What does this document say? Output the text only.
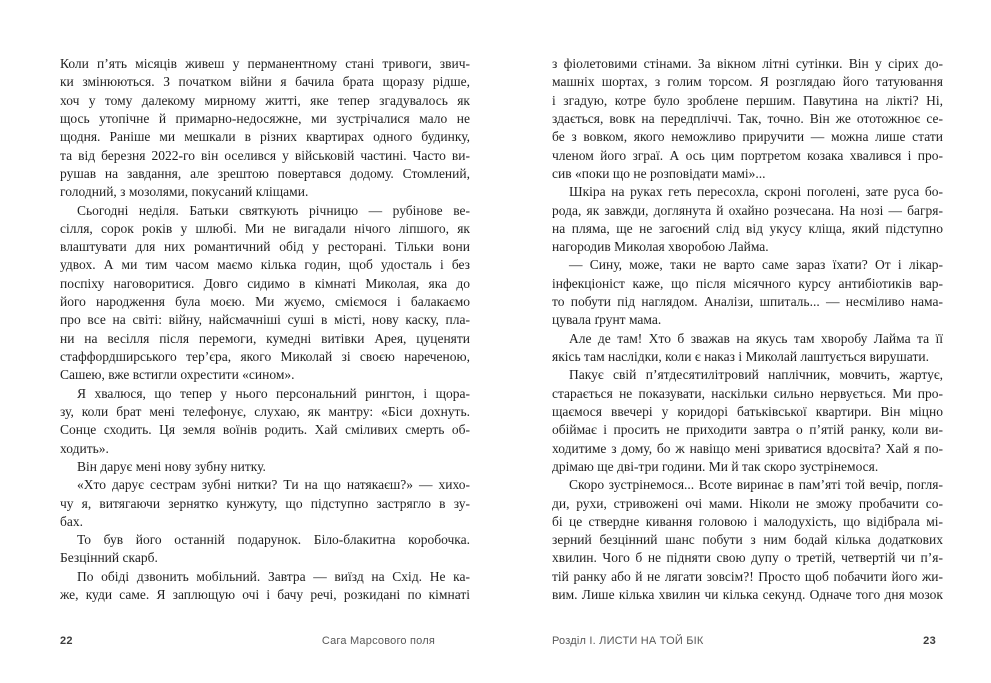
Коли п’ять місяців живеш у перманентному стані тривоги, звич-
ки змінюються. З початком війни я бачила брата щоразу рідше,
хоч у тому далекому мирному житті, яке тепер згадувалось як
щось утопічне й примарно-недосяжне, ми зустрічалися мало не
щодня. Раніше ми мешкали в різних квартирах одного будинку,
та від березня 2022-го він оселився у військовій частині. Часто ви-
рушав на завдання, але зрештою повертався додому. Стомлений,
голодний, з мозолями, покусаний кліщами.
Сьогодні неділя. Батьки святкують річницю — рубінове ве-
сілля, сорок років у шлюбі. Ми не вигадали нічого ліпшого, як
влаштувати для них романтичний обід у ресторані. Тільки вони
удвох. А ми тим часом маємо кілька годин, щоб удосталь і без
поспіху наговоритися. Довго сидимо в кімнаті Миколая, яка до
його народження була моєю. Ми жуємо, сміємося і балакаємо
про все на світі: війну, найсмачніші суші в місті, нову каску, пла-
ни на весілля після перемоги, кумедні витівки Арея, цуценяти
стаффордширського тер’єра, якого Миколай зі своєю нареченою,
Сашею, вже встигли охрестити «сином».
Я хвалюся, що тепер у нього персональний рингтон, і щора-
зу, коли брат мені телефонує, слухаю, як мантру: «Біси дохнуть.
Сонце сходить. Ця земля воїнів родить. Хай сміливих смерть об-
ходить».
Він дарує мені нову зубну нитку.
«Хто дарує сестрам зубні нитки? Ти на що натякаєш?» — хихо-
чу я, витягаючи зернятко кунжуту, що підступно застрягло в зу-
бах.
То був його останній подарунок. Біло-блакитна коробочка.
Безцінний скарб.
По обіді дзвонить мобільний. Завтра — виїзд на Схід. Не ка-
же, куди саме. Я заплющую очі і бачу речі, розкидані по кімнаті
з фіолетовими стінами. За вікном літні сутінки. Він у сірих до-
машніх шортах, з голим торсом. Я розглядаю його татуювання
і згадую, котре було зроблене першим. Павутина на лікті? Ні,
здається, вовк на передпліччі. Так, точно. Він же ототожнює се-
бе з вовком, якого неможливо приручити — можна лише стати
членом його зграї. А ось цим портретом козака хвалився і про-
сив «поки що не розповідати мамі»...
Шкіра на руках геть пересохла, скроні поголені, зате руса бо-
рода, як завжди, доглянута й охайно розчесана. На нозі — багря-
на пляма, ще не загоєний слід від укусу кліща, який підступно
нагородив Миколая хворобою Лайма.
— Сину, може, таки не варто саме зараз їхати? От і лікар-
інфекціоніст каже, що після місячного курсу антибіотиків вар-
то побути під наглядом. Аналізи, шпиталь... — несміливо нама-
цувала ґрунт мама.
Але де там! Хто б зважав на якусь там хворобу Лайма та її
якісь там наслідки, коли є наказ і Миколай лаштується вирушати.
Пакує свій п’ятдесятилітровий наплічник, мовчить, жартує,
старається не показувати, наскільки сильно нервується. Ми про-
щаємося ввечері у коридорі батьківської квартири. Він міцно
обіймає і просить не приходити завтра о п’ятій ранку, коли ви-
ходитиме з дому, бо ж навіщо мені зриватися вдосвіта? Хай я по-
дрімаю ще дві-три години. Ми й так скоро зустрінемося.
Скоро зустрінемося... Всоте виринає в пам’яті той вечір, погля-
ди, рухи, стривожені очі мами. Ніколи не зможу пробачити со-
бі це ствердне кивання головою і малодухість, що відібрала мі-
зерний безцінний шанс побути з ним бодай кілька додаткових
хвилин. Чого б не підняти свою дупу о третій, четвертій чи п’я-
тій ранку або й не лягати зовсім?! Просто щоб побачити його жи-
вим. Лише кілька хвилин чи кілька секунд. Одначе того дня мозок
22	Сага Марсового поля	Розділ І. ЛИСТИ НА ТОЙ БІК	23
